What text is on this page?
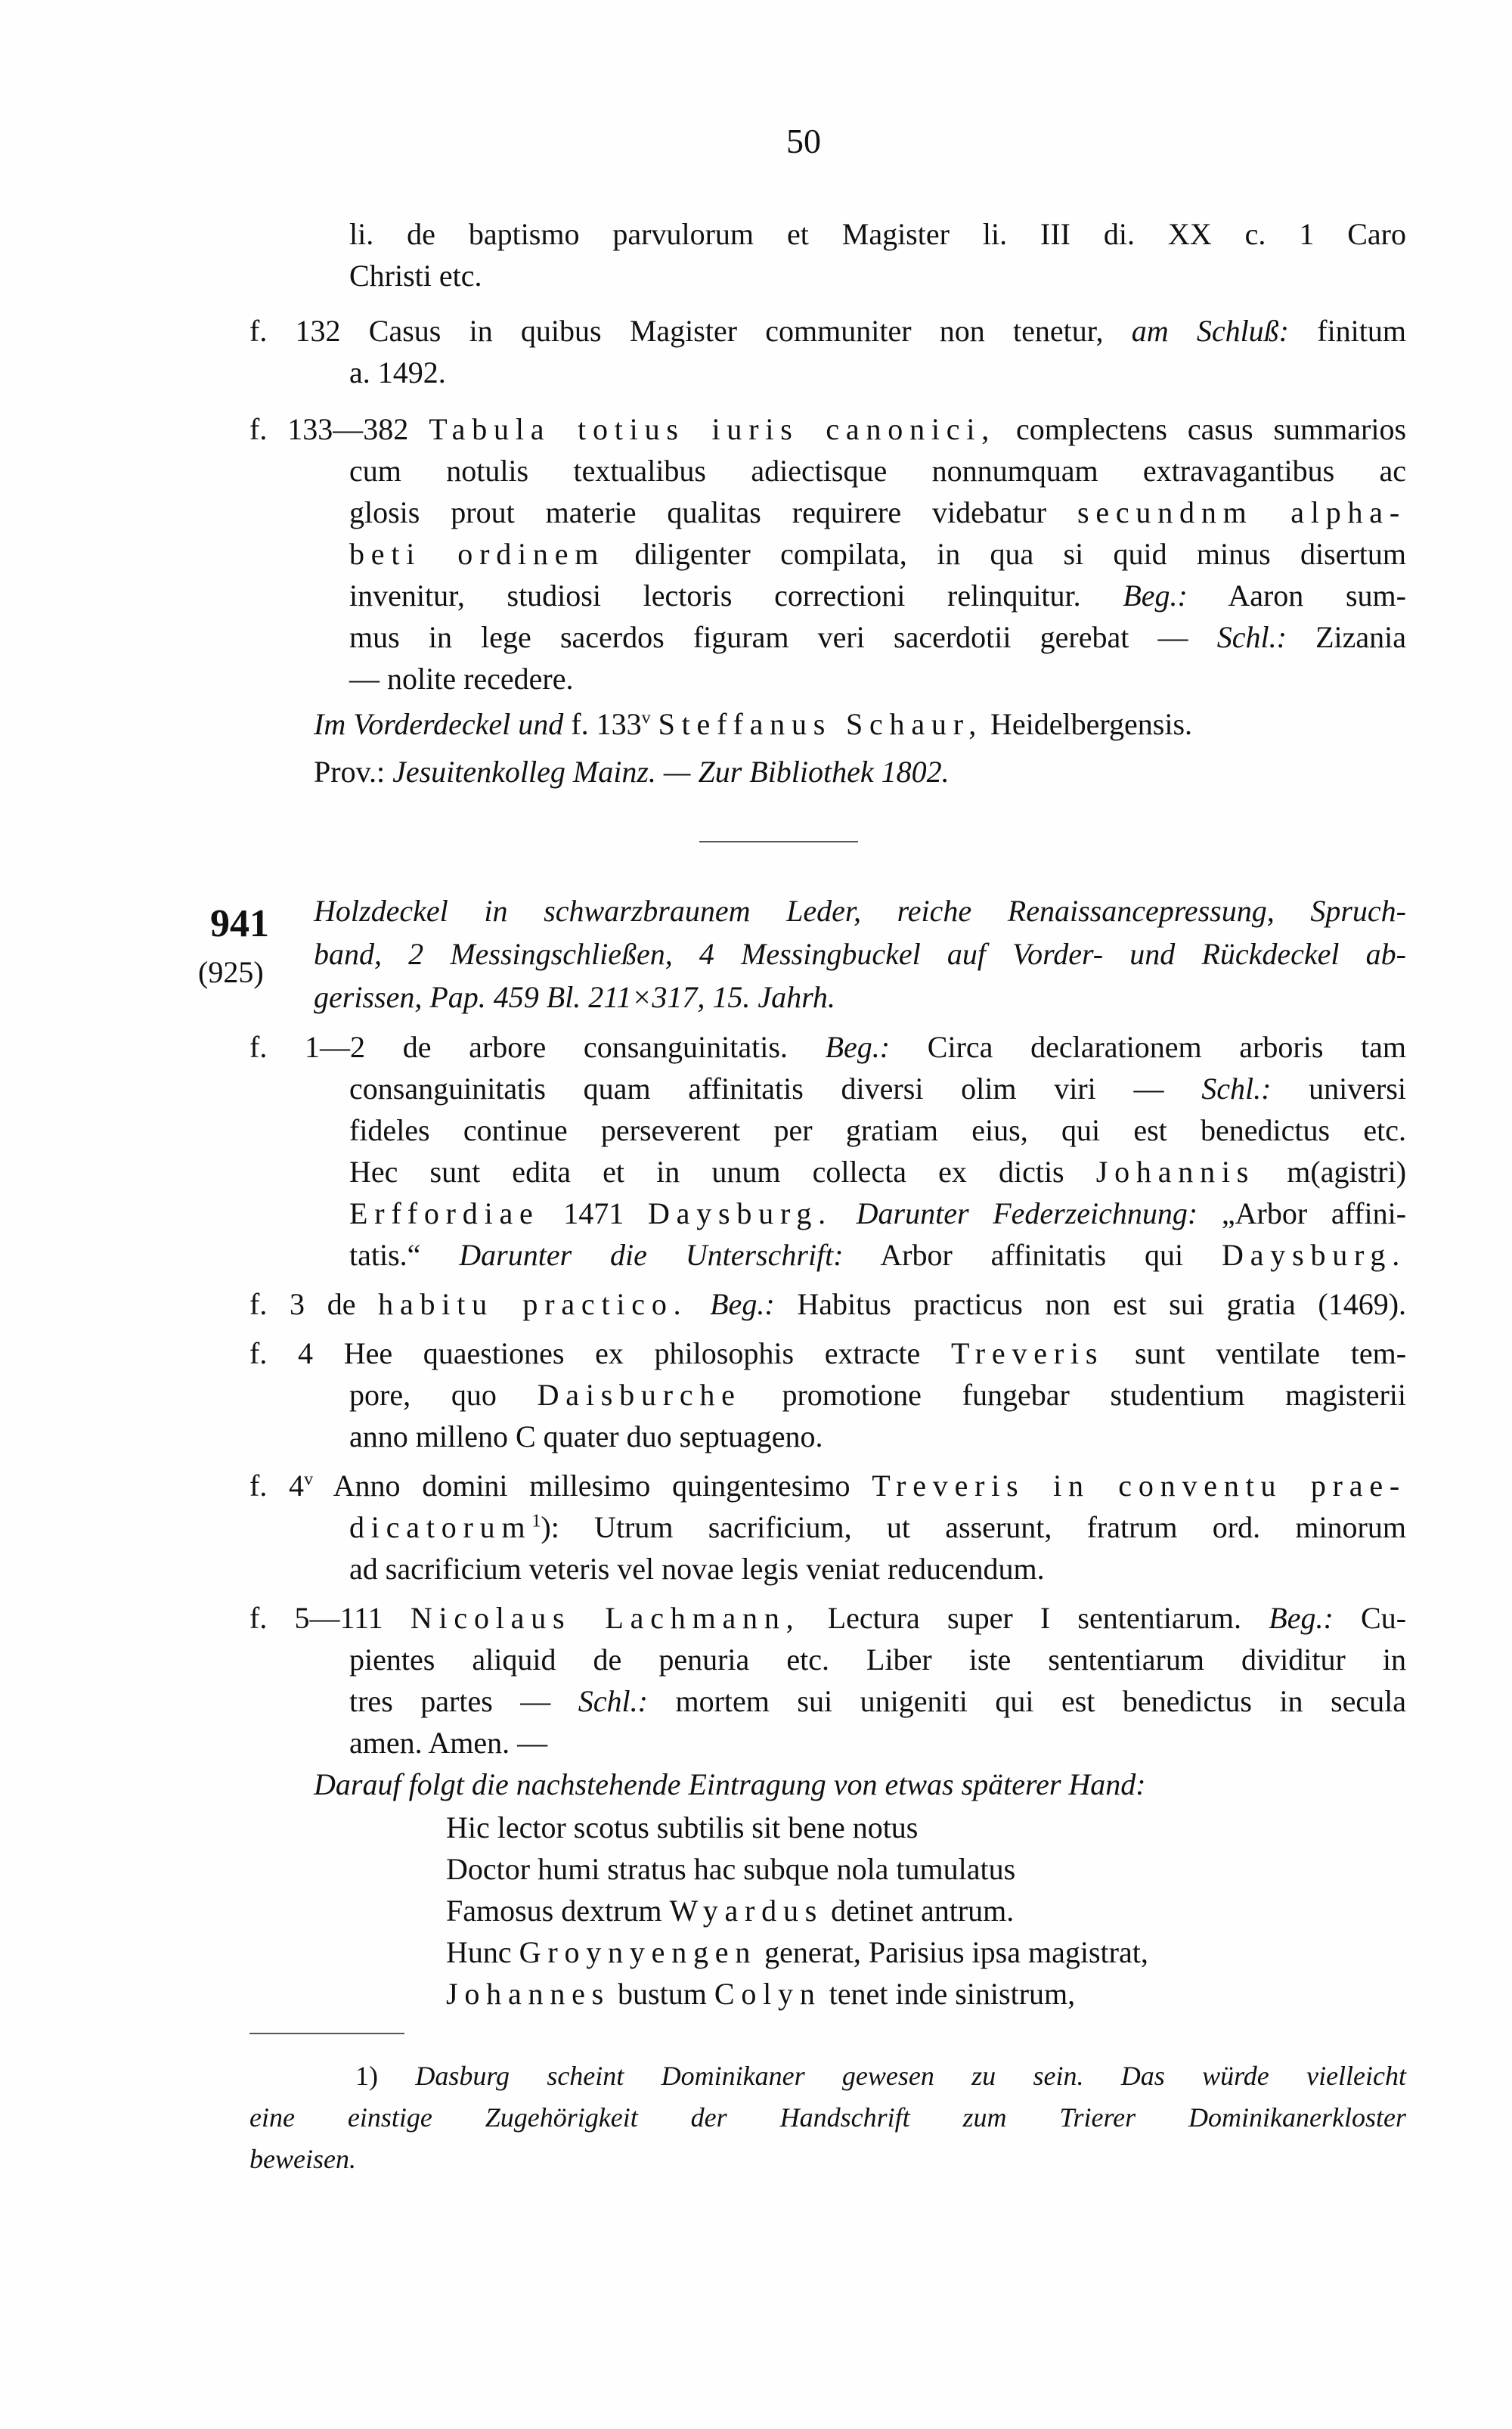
50
li. de baptismo parvulorum et Magister li. III di. XX c. 1 Caro
Christi etc.
f. 132 Casus in quibus Magister communiter non tenetur, am Schluß: finitum
a. 1492.
f. 133—382 Tabula totius iuris canonici, complectens casus summarios
cum notulis textualibus adiectisque nonnumquam extravagantibus ac
glosis prout materie qualitas requirere videbatur secundnm alpha-
beti ordinem diligenter compilata, in qua si quid minus disertum
invenitur, studiosi lectoris correctioni relinquitur. Beg.: Aaron sum-
mus in lege sacerdos figuram veri sacerdotii gerebat — Schl.: Zizania
— nolite recedere.
Im Vorderdeckel und f. 133$^v$ Steffanus Schaur, Heidelbergensis.
Prov.: Jesuitenkolleg Mainz. — Zur Bibliothek 1802.
941
(925)
Holzdeckel in schwarzbraunem Leder, reiche Renaissancepressung, Spruch-
band, 2 Messingschließen, 4 Messingbuckel auf Vorder- und Rückdeckel ab-
gerissen, Pap. 459 Bl. 211×317, 15. Jahrh.
f. 1—2 de arbore consanguinitatis. Beg.: Circa declarationem arboris tam
consanguinitatis quam affinitatis diversi olim viri — Schl.: universi
fideles continue perseverent per gratiam eius, qui est benedictus etc.
Hec sunt edita et in unum collecta ex dictis Johannis m(agistri)
Erffordiae 1471 Daysburg. Darunter Federzeichnung: „Arbor affini-
tatis.“ Darunter die Unterschrift: Arbor affinitatis qui Daysburg.
f. 3 de habitu practico. Beg.: Habitus practicus non est sui gratia (1469).
f. 4 Hee quaestiones ex philosophis extracte Treveris sunt ventilate tem-
pore, quo Daisburche promotione fungebar studentium magisterii
anno milleno C quater duo septuageno.
f. 4$^v$ Anno domini millesimo quingentesimo Treveris in conventu prae-
dicatorum$^1$): Utrum sacrificium, ut asserunt, fratrum ord. minorum
ad sacrificium veteris vel novae legis veniat reducendum.
f. 5—111 Nicolaus Lachmann, Lectura super I sententiarum. Beg.: Cu-
pientes aliquid de penuria etc. Liber iste sententiarum dividitur in
tres partes — Schl.: mortem sui unigeniti qui est benedictus in secula
amen. Amen. —
Darauf folgt die nachstehende Eintragung von etwas späterer Hand:
Hic lector scotus subtilis sit bene notus
Doctor humi stratus hac subque nola tumulatus
Famosus dextrum Wyardus detinet antrum.
Hunc Groynyengen generat, Parisius ipsa magistrat,
Johannes bustum Colyn tenet inde sinistrum,
1) Dasburg scheint Dominikaner gewesen zu sein. Das würde vielleicht
eine einstige Zugehörigkeit der Handschrift zum Trierer Dominikanerkloster
beweisen.
